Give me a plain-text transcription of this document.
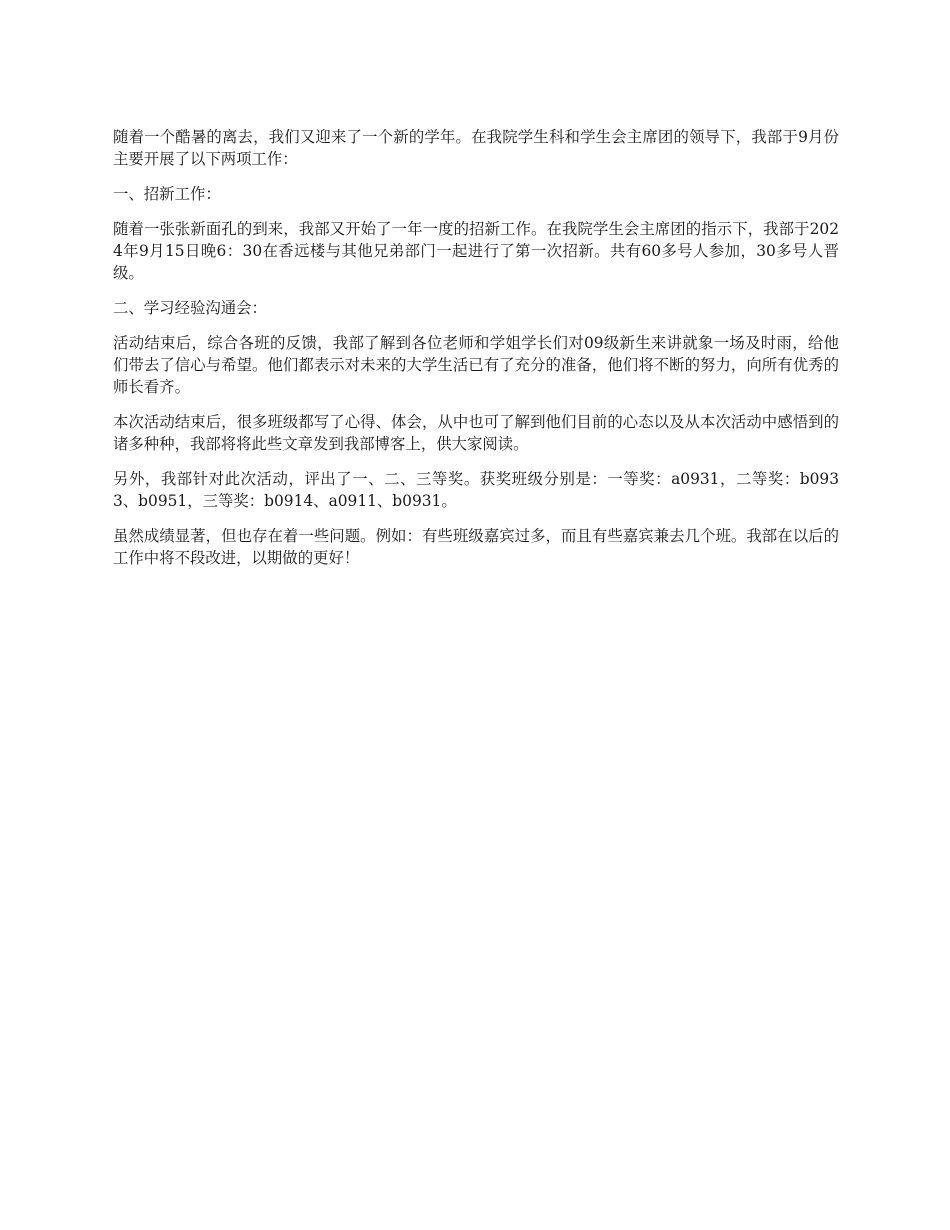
随着一个酷暑的离去，我们又迎来了一个新的学年。在我院学生科和学生会主席团的领导下，我部于9月份主要开展了以下两项工作：

一、招新工作：

随着一张张新面孔的到来，我部又开始了一年一度的招新工作。在我院学生会主席团的指示下，我部于2024年9月15日晚6：30在香远楼与其他兄弟部门一起进行了第一次招新。共有60多号人参加，30多号人晋级。

二、学习经验沟通会：

活动结束后，综合各班的反馈，我部了解到各位老师和学姐学长们对09级新生来讲就象一场及时雨，给他们带去了信心与希望。他们都表示对未来的大学生活已有了充分的准备，他们将不断的努力，向所有优秀的师长看齐。

本次活动结束后，很多班级都写了心得、体会，从中也可了解到他们目前的心态以及从本次活动中感悟到的诸多种种，我部将将此些文章发到我部博客上，供大家阅读。

另外，我部针对此次活动，评出了一、二、三等奖。获奖班级分别是：一等奖：a0931，二等奖：b0933、b0951，三等奖：b0914、a0911、b0931。

虽然成绩显著，但也存在着一些问题。例如：有些班级嘉宾过多，而且有些嘉宾兼去几个班。我部在以后的工作中将不段改进，以期做的更好！
